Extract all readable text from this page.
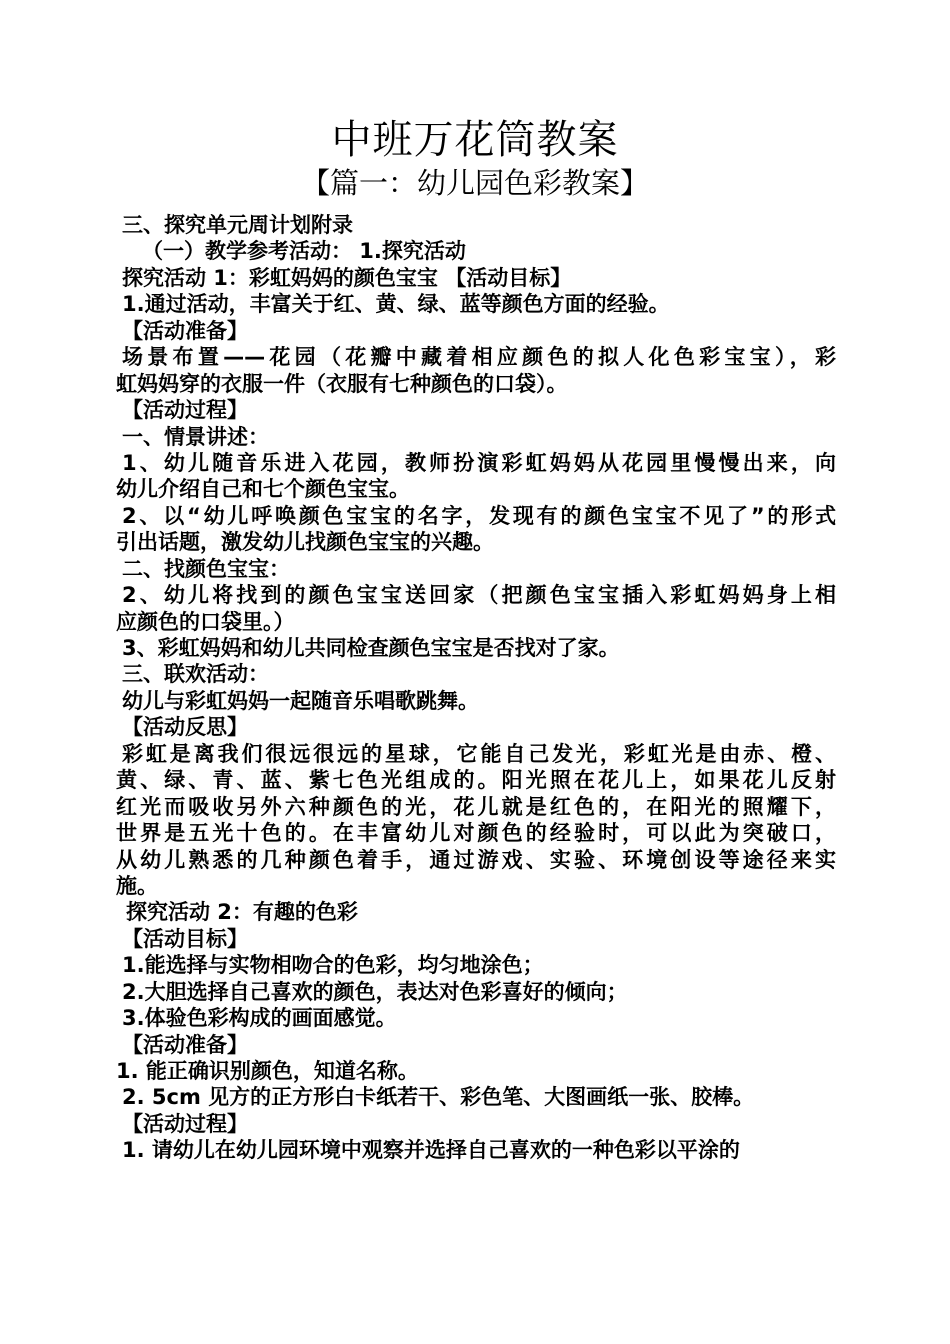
中班万花筒教案
【篇一：幼儿园色彩教案】
三、探究单元周计划附录
（一）教学参考活动： 1.探究活动
探究活动 1：彩虹妈妈的颜色宝宝 【活动目标】
1.通过活动，丰富关于红、黄、绿、蓝等颜色方面的经验。
【活动准备】
场景布置——花园（花瓣中藏着相应颜色的拟人化色彩宝宝），彩
虹妈妈穿的衣服一件（衣服有七种颜色的口袋）。
【活动过程】
一、情景讲述：
1、幼儿随音乐进入花园，教师扮演彩虹妈妈从花园里慢慢出来，向
幼儿介绍自己和七个颜色宝宝。
2、以“幼儿呼唤颜色宝宝的名字，发现有的颜色宝宝不见了”的形式
引出话题，激发幼儿找颜色宝宝的兴趣。
二、找颜色宝宝：
2、幼儿将找到的颜色宝宝送回家（把颜色宝宝插入彩虹妈妈身上相
应颜色的口袋里。）
3、彩虹妈妈和幼儿共同检查颜色宝宝是否找对了家。
三、联欢活动：
幼儿与彩虹妈妈一起随音乐唱歌跳舞。
【活动反思】
彩虹是离我们很远很远的星球，它能自己发光，彩虹光是由赤、橙、
黄、绿、青、蓝、紫七色光组成的。阳光照在花儿上，如果花儿反射
红光而吸收另外六种颜色的光，花儿就是红色的，在阳光的照耀下，
世界是五光十色的。在丰富幼儿对颜色的经验时，可以此为突破口，
从幼儿熟悉的几种颜色着手，通过游戏、实验、环境创设等途径来实
施。
探究活动 2：有趣的色彩
【活动目标】
1.能选择与实物相吻合的色彩，均匀地涂色；
2.大胆选择自己喜欢的颜色，表达对色彩喜好的倾向；
3.体验色彩构成的画面感觉。
【活动准备】
1. 能正确识别颜色，知道名称。
2. 5cm 见方的正方形白卡纸若干、彩色笔、大图画纸一张、胶棒。
【活动过程】
1. 请幼儿在幼儿园环境中观察并选择自己喜欢的一种色彩以平涂的
